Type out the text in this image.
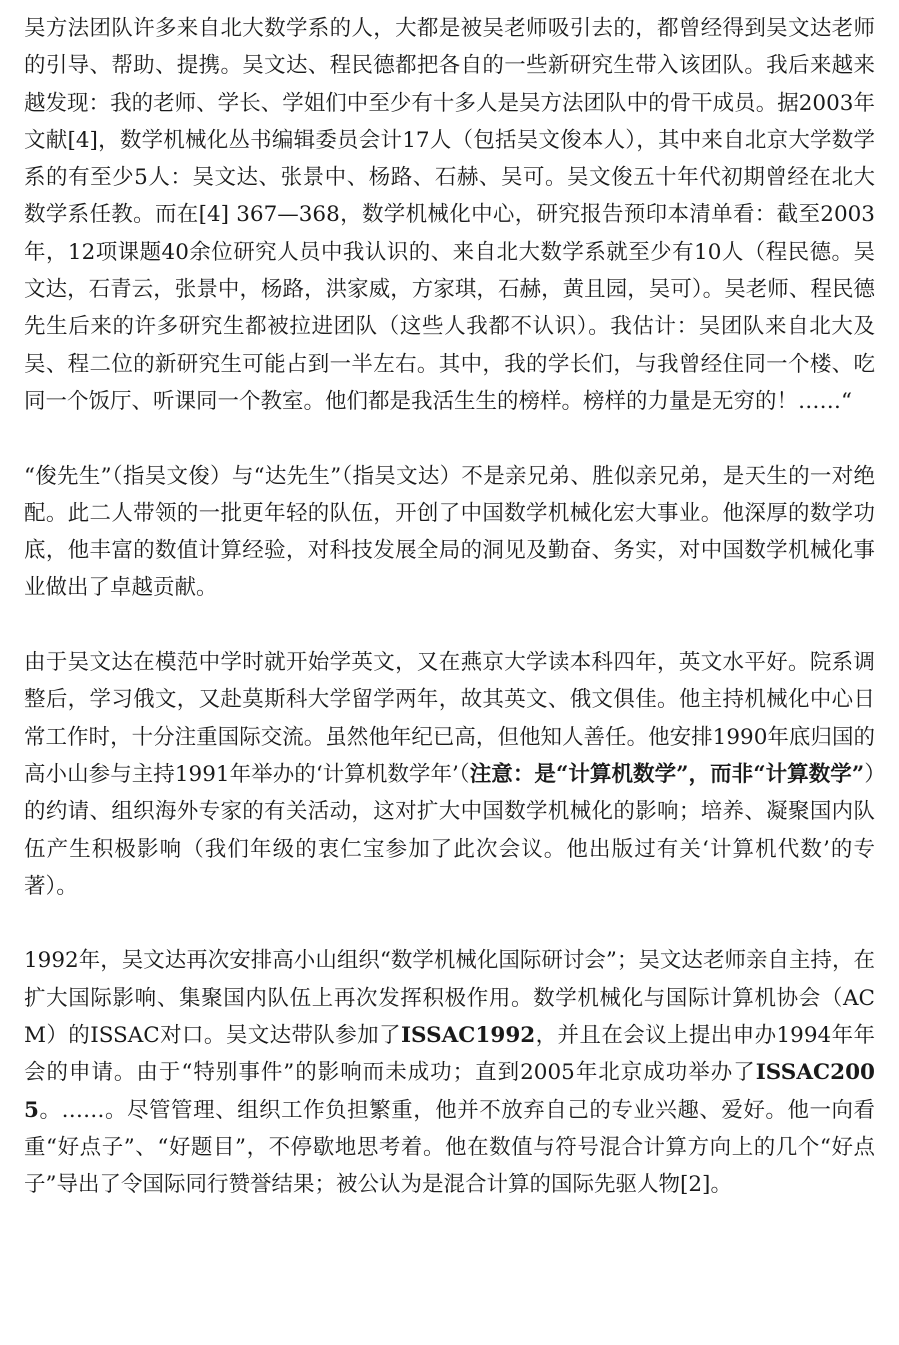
吴方法团队许多来自北大数学系的人，大都是被吴老师吸引去的，都曾经得到吴文达老师的引导、帮助、提携。吴文达、程民德都把各自的一些新研究生带入该团队。我后来越来越发现：我的老师、学长、学姐们中至少有十多人是吴方法团队中的骨干成员。据2003年文献[4]，数学机械化丛书编辑委员会计17人（包括吴文俊本人），其中来自北京大学数学系的有至少5人：吴文达、张景中、杨路、石赫、吴可。吴文俊五十年代初期曾经在北大数学系任教。而在[4] 367—368，数学机械化中心，研究报告预印本清单看：截至2003年，12项课题40余位研究人员中我认识的、来自北大数学系就至少有10人（程民德。吴文达，石青云，张景中，杨路，洪家威，方家琪，石赫，黄且园，吴可）。吴老师、程民德先生后来的许多研究生都被拉进团队（这些人我都不认识）。我估计：吴团队来自北大及吴、程二位的新研究生可能占到一半左右。其中，我的学长们，与我曾经住同一个楼、吃同一个饭厅、听课同一个教室。他们都是我活生生的榜样。榜样的力量是无穷的！……“

“俊先生”（指吴文俊）与“达先生”（指吴文达）不是亲兄弟、胜似亲兄弟，是天生的一对绝配。此二人带领的一批更年轻的队伍，开创了中国数学机械化宏大事业。他深厚的数学功底，他丰富的数值计算经验，对科技发展全局的洞见及勤奋、务实，对中国数学机械化事业做出了卓越贡献。

由于吴文达在模范中学时就开始学英文，又在燕京大学读本科四年，英文水平好。院系调整后，学习俄文，又赴莫斯科大学留学两年，故其英文、俄文俱佳。他主持机械化中心日常工作时，十分注重国际交流。虽然他年纪已高，但他知人善任。他安排1990年底归国的高小山参与主持1991年举办的‘计算机数学年’（注意：是“计算机数学”，而非“计算数学”）的约请、组织海外专家的有关活动，这对扩大中国数学机械化的影响；培养、凝聚国内队伍产生积极影响（我们年级的衷仁宝参加了此次会议。他出版过有关‘计算机代数’的专著）。

1992年，吴文达再次安排高小山组织“数学机械化国际研讨会”；吴文达老师亲自主持，在扩大国际影响、集聚国内队伍上再次发挥积极作用。数学机械化与国际计算机协会（ACM）的ISSAC对口。吴文达带队参加了ISSAC1992，并且在会议上提出申办1994年年会的申请。由于“特别事件”的影响而未成功；直到2005年北京成功举办了ISSAC2005。……。尽管管理、组织工作负担繁重，他并不放弃自己的专业兴趣、爱好。他一向看重“好点子”、“好题目”，不停歇地思考着。他在数值与符号混合计算方向上的几个“好点子”导出了令国际同行赞誉结果；被公认为是混合计算的国际先驱人物[2]。
